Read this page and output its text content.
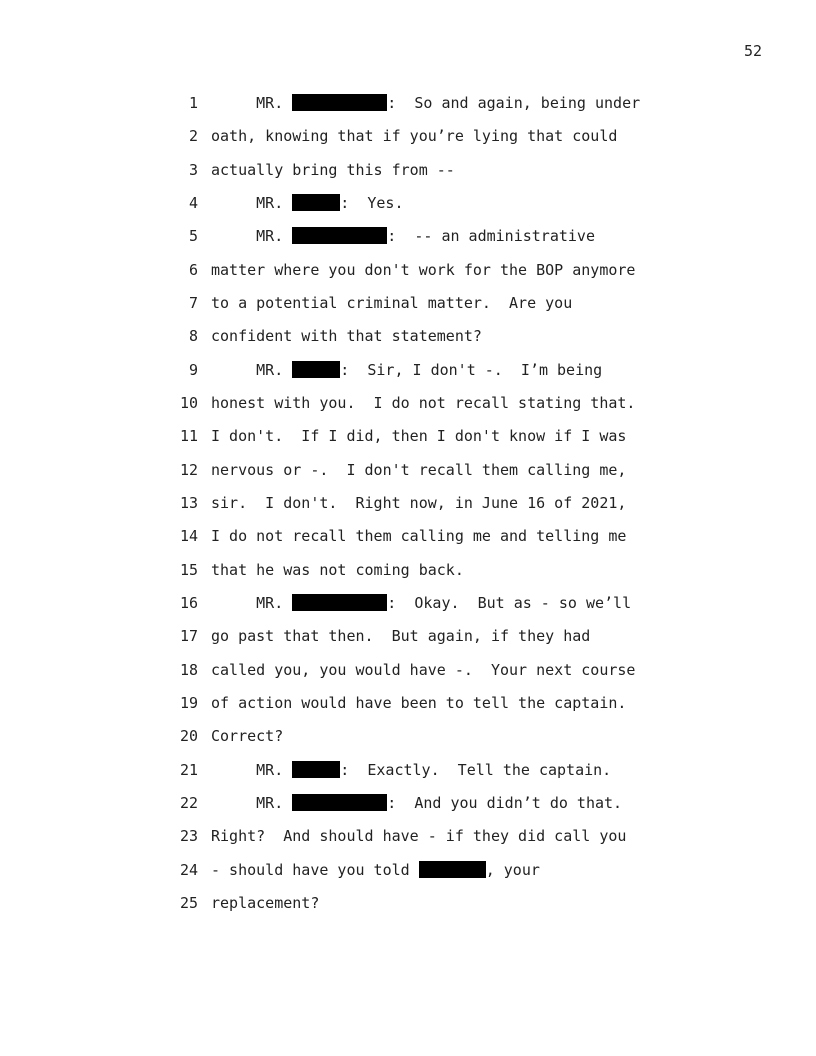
52
1 MR.	:  So and again, being under
2 oath, knowing that if you’re lying that could
3 actually bring this from --
4 MR.	:  Yes.
5 MR.	:  -- an administrative
6 matter where you don't work for the BOP anymore
7 to a potential criminal matter.  Are you
8 confident with that statement?
9 MR.	:  Sir, I don't -.  I’m being
10 honest with you.  I do not recall stating that.
11 I don't.  If I did, then I don't know if I was
12 nervous or -.  I don't recall them calling me,
13 sir.  I don't.  Right now, in June 16 of 2021,
14 I do not recall them calling me and telling me
15 that he was not coming back.
16 MR.	:  Okay.  But as - so we’ll
17 go past that then.  But again, if they had
18 called you, you would have -.  Your next course
19 of action would have been to tell the captain.
20 Correct?
21 MR.	:  Exactly.  Tell the captain.
22 MR.	:  And you didn’t do that.
23 Right?  And should have - if they did call you
24 - should have you told	, your
25 replacement?
